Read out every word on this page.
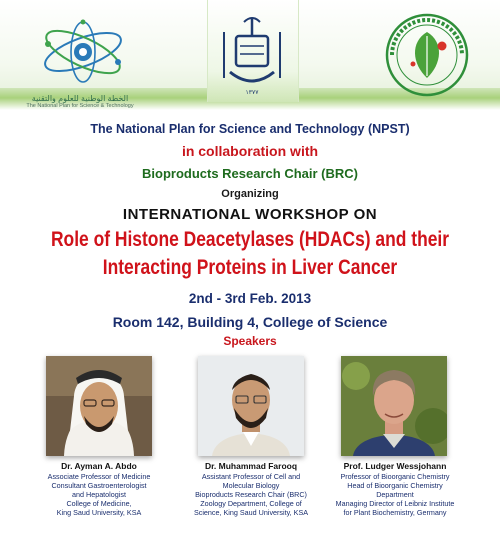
الخطة الوطنية للعلوم والتقنية
The National Plan for Science & Technology
١٣٧٧
The National Plan for Science and Technology (NPST)
in collaboration with
Bioproducts Research Chair (BRC)
Organizing
INTERNATIONAL WORKSHOP ON
Role of Histone Deacetylases (HDACs) and their
Interacting Proteins in Liver Cancer
2nd - 3rd Feb. 2013
Room 142, Building 4, College of Science
Speakers
Dr. Ayman A. Abdo
Associate Professor of Medicine
Consultant Gastroenterologist
and Hepatologist
College of Medicine,
King Saud University, KSA
Dr. Muhammad Farooq
Assistant Professor of Cell and
Molecular Biology
Bioproducts Research Chair (BRC)
Zoology Department, College of
Science, King Saud University, KSA
Prof. Ludger Wessjohann
Professor of Bioorganic Chemistry
Head of Bioorganic Chemistry
Department
Managing Director of Leibniz Institute
for Plant Biochemistry, Germany
